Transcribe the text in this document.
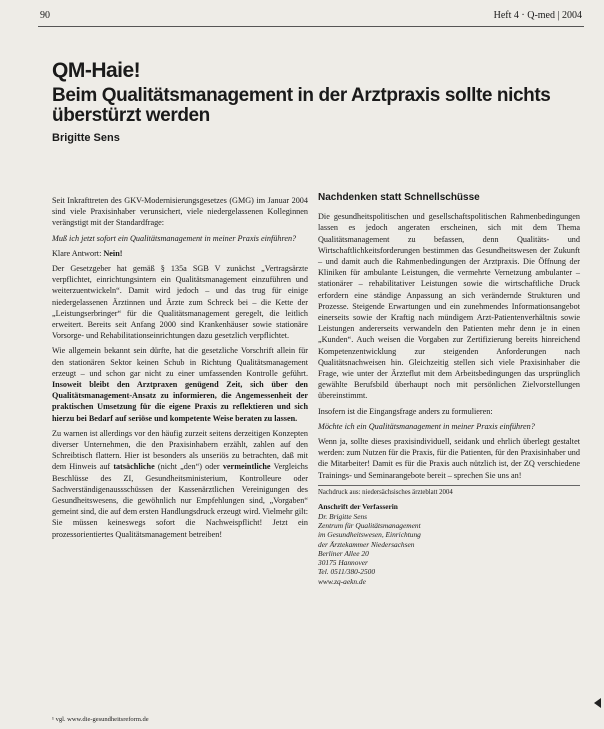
90	Heft 4 · Q-med | 2004
QM-Haie!
Beim Qualitätsmanagement in der Arztpraxis sollte nichts überstürzt werden
Brigitte Sens

Seit Inkrafttreten des GKV-Modernisierungsgesetzes (GMG) im Januar 2004 sind viele Praxisinhaber verunsichert, viele niedergelassenen Kolleginnen verängstigt mit der Standardfrage:

Muß ich jetzt sofort ein Qualitätsmanagement in meiner Praxis einführen?

Klare Antwort: Nein!

Der Gesetzgeber hat gemäß § 135a SGB V zunächst „Vertragsärzte verpflichtet, einrichtungsintern ein Qualitätsmanagement einzuführen und weiterzuentwickeln“. Damit wird jedoch – und das trug für einige niedergelassenen Ärztinnen und Ärzte zum Schreck bei – die Kette der „Leistungserbringer“ für die Qualitätsmanagement geregelt, die leitlich erweitert. Bereits seit Anfang 2000 sind Krankenhäuser sowie stationäre Vorsorge- und Rehabilitationseinrichtungen dazu gesetzlich verpflichtet.

Wie allgemein bekannt sein dürfte, hat die gesetzliche Vorschrift allein für den stationären Sektor keinen Schub in Richtung Qualitätsmanagement erzeugt – und schon gar nicht zu einer umfassenden Kontrolle geführt. Insoweit bleibt den Arztpraxen genügend Zeit, sich über den Qualitätsmanagement-Ansatz zu informieren, die Angemessenheit der praktischen Umsetzung für die eigene Praxis zu reflektieren und sich hierzu bei Bedarf auf seriöse und kompetente Weise beraten zu lassen.

Zu warnen ist allerdings vor den häufig zurzeit seitens derzeitigen Konzepten diverser Unternehmen, die den Praxisinhabern erzählt, zahlen auf den Schreibtisch flattern. Hier ist besonders als unseriös zu betrachten, daß mit dem Hinweis auf tatsächliche (nicht „den“) oder vermeintliche Vergleichs Beschlüsse des ZI, Gesundheitsministerium, Kontrolleure oder Sachverständigenaussschüssen der Kassenärztlichen Vereinigungen des Gesundheitswesens, die gewöhnlich nur Empfehlungen sind, „Vorgaben“ gemeint sind, die auf dem ersten Handlungsdruck erzeugt wird. Vielmehr gilt: Sie müssen keineswegs sofort die Nachweispflicht! Jetzt ein prozessorientiertes Qualitätsmanagement betreiben!

¹ vgl. www.die-gesundheitsreform.de
Nachdenken statt Schnellschüsse

Die gesundheitspolitischen und gesellschaftspolitischen Rahmenbedingungen lassen es jedoch angeraten erscheinen, sich mit dem Thema Qualitätsmanagement zu befassen, denn Qualitäts- und Wirtschaftlichkeitsforderungen bestimmen das Gesundheitswesen der Zukunft – und damit auch die Rahmenbedingungen der Arztpraxis. Die Öffnung der Kliniken für ambulante Leistungen, die vermehrte Vernetzung ambulanter – stationärer – rehabilitativer Leistungen sowie die wirtschaftliche Druck erfordern eine ständige Anpassung an sich verändernde Strukturen und Prozesse. Steigende Erwartungen und ein zunehmendes Informationsangebot einerseits sowie der Kraftig nach mündigem Arzt-Patientenverhältnis sowie Leistungen andererseits verwandeln den Patienten mehr denn je in einen „Kunden“. Auch weisen die Vorgaben zur Zertifizierung bereits hinreichend Kompetenzentwicklung zur steigenden Anforderungen nach Qualitätsnachweisen hin. Gleichzeitig stellen sich viele Praxisinhaber die Frage, wie unter der Ärzteflut mit dem Arbeitsbedingungen das ursprünglich gewählte Berufsbild überhaupt noch mit persönlichen Zielvorstellungen übereinstimmt.

Insofern ist die Eingangsfrage anders zu formulieren:

Möchte ich ein Qualitätsmanagement in meiner Praxis einführen?

Wenn ja, sollte dieses praxisindividuell, seidank und ehrlich überlegt gestaltet werden: zum Nutzen für die Praxis, für die Patienten, für den Praxisinhaber und die Mitarbeiter! Damit es für die Praxis auch nützlich ist, der ZQ verschiedene Trainings- und Seminarangebote bereit – sprechen Sie uns an!

Nachdruck aus: niedersächsisches ärzteblatt 2004
Anschrift der Verfasserin
Dr. Brigitte Sens
Zentrum für Qualitätsmanagement
im Gesundheitswesen, Einrichtung
der Ärztekammer Niedersachsen
Berliner Allee 20
30175 Hannover
Tel. 0511/380-2500
www.zq-aekn.de
